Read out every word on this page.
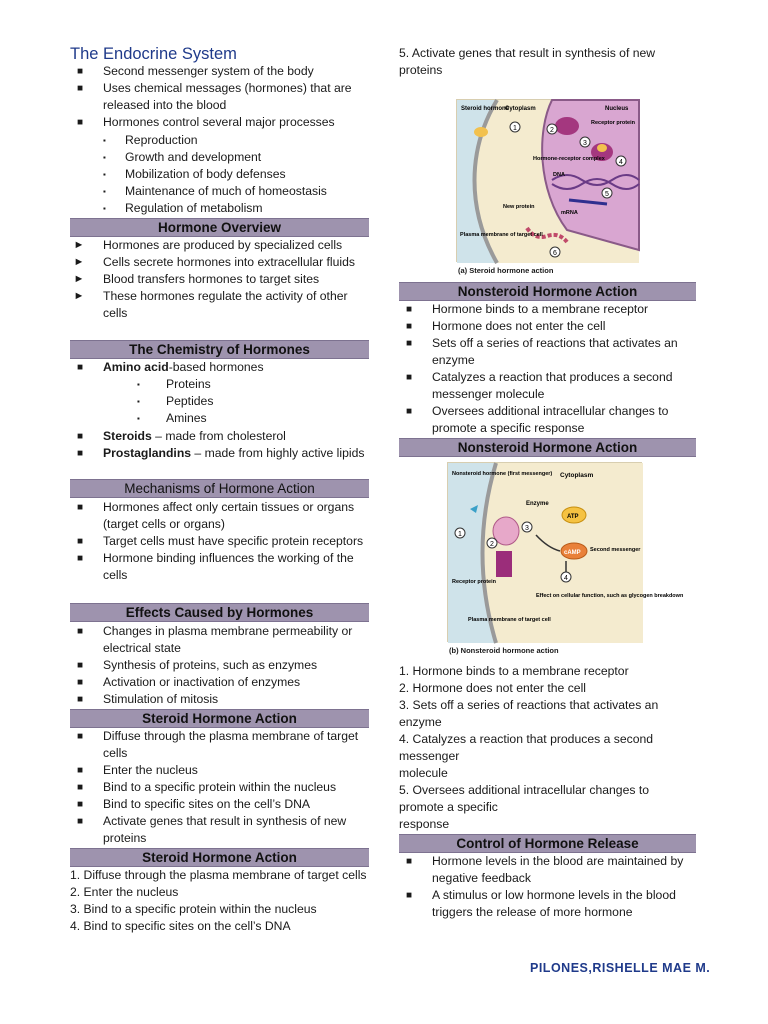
The Endocrine System
■	Second messenger system of the body
■	Uses chemical messages (hormones) that are released into the blood
■	Hormones control several major processes
▪ Reproduction
▪ Growth and development
▪ Mobilization of body defenses
▪ Maintenance of much of homeostasis
▪ Regulation of metabolism
Hormone Overview
► Hormones are produced by specialized cells
► Cells secrete hormones into extracellular fluids
► Blood transfers hormones to target sites
► These hormones regulate the activity of other cells
The Chemistry of Hormones
■	Amino acid-based hormones
▪ Proteins
▪ Peptides
▪ Amines
■	Steroids – made from cholesterol
■	Prostaglandins – made from highly active lipids
Mechanisms of Hormone Action
■	Hormones affect only certain tissues or organs (target cells or organs)
■	Target cells must have specific protein receptors
■	Hormone binding influences the working of the cells
Effects Caused by Hormones
■	Changes in plasma membrane permeability or electrical state
■	Synthesis of proteins, such as enzymes
■	Activation or inactivation of enzymes
■	Stimulation of mitosis
Steroid Hormone Action
■	Diffuse through the plasma membrane of target cells
■	Enter the nucleus
■	Bind to a specific protein within the nucleus
■	Bind to specific sites on the cell’s DNA
■	Activate genes that result in synthesis of new proteins
Steroid Hormone Action
1. Diffuse through the plasma membrane of target cells
2. Enter the nucleus
3. Bind to a specific protein within the nucleus
4. Bind to specific sites on the cell’s DNA
5. Activate genes that result in synthesis of new proteins
1	2
3
4
5
6
Steroid hormone
Cytoplasm	Nucleus
Receptor protein
Hormone-receptor complex
DNA
mRNA
New protein
Plasma membrane of target cell
(a) Steroid hormone action
Nonsteroid Hormone Action
■	Hormone binds to a membrane receptor
■	Hormone does not enter the cell
■	Sets off a series of reactions that activates an enzyme
■	Catalyzes a reaction that produces a second messenger molecule
■	Oversees additional intracellular changes to promote a specific response
Nonsteroid Hormone Action
1
2
3
4
ATP
cAMP
Cytoplasm
Enzyme
Second messenger
Nonsteroid hormone (first messenger)
Effect on cellular function, such as glycogen breakdown
Receptor protein
Plasma membrane of target cell
(b) Nonsteroid hormone action
1. Hormone binds to a membrane receptor
2. Hormone does not enter the cell
3. Sets off a series of reactions that activates an enzyme
4. Catalyzes a reaction that produces a second messenger
molecule
5. Oversees additional intracellular changes to promote a specific
response
Control of Hormone Release
■	Hormone levels in the blood are maintained by negative feedback
■	A stimulus or low hormone levels in the blood triggers the release of more hormone
PILONES,RISHELLE MAE M.
